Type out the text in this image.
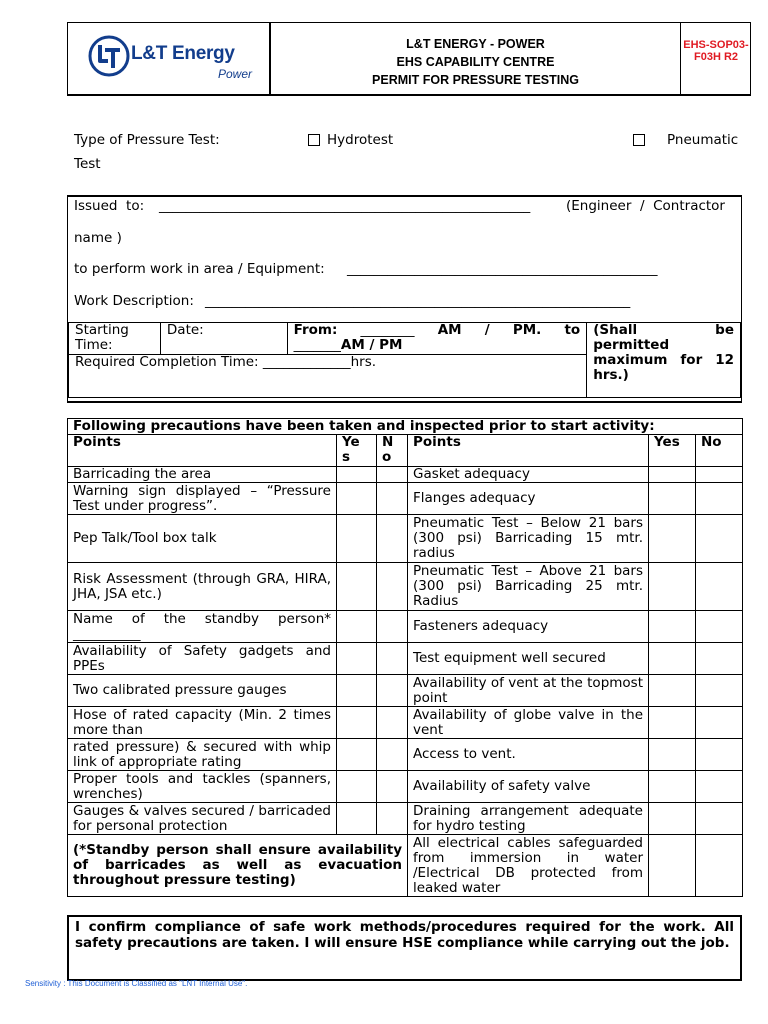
L&T Energy
Power
L&T ENERGY - POWER
EHS CAPABILITY CENTRE
PERMIT FOR PRESSURE TESTING
EHS-SOP03-F03H R2
Type of Pressure Test:	Hydrotest	Pneumatic
Test
Issued  to: _______________________________________________________	(Engineer  /  Contractor
name )
to perform work in area / Equipment: ______________________________________________
Work Description: _______________________________________________________________
Starting
Time:	Date:	From: ________ AM / PM. to
_______AM / PM
	(Shall be permitted maximum for 12 hrs.)
Required Completion Time: _____________hrs.
Following precautions have been taken and inspected prior to start activity:					
Points	Ye s	N o	Points	Yes	No
Barricading the area			Gasket adequacy		
Warning sign displayed – “Pressure Test under progress”.			Flanges adequacy		
Pep Talk/Tool box talk			Pneumatic Test – Below 21 bars (300 psi) Barricading 15 mtr. radius		
Risk Assessment (through GRA, HIRA, JHA, JSA etc.)			Pneumatic Test – Above 21 bars (300 psi) Barricading 25 mtr. Radius		
Name of the standby person* __________			Fasteners adequacy		
Availability of Safety gadgets and PPEs			Test equipment well secured		
Two calibrated pressure gauges			Availability of vent at the topmost point		
Hose of rated capacity (Min. 2 times more than			Availability of globe valve in the vent		
rated pressure) & secured with whip link of appropriate rating			Access to vent.		
Proper tools and tackles (spanners, wrenches)			Availability of safety valve		
Gauges & valves secured / barricaded for personal protection			Draining arrangement adequate for hydro testing		
(*Standby person shall ensure availability of barricades as well as evacuation throughout pressure testing)			All electrical cables safeguarded from immersion in water /Electrical DB protected from leaked water		
I confirm compliance of safe work methods/procedures required for the work. All safety precautions are taken. I will ensure HSE compliance while carrying out the job.
Sensitivity : This Document is Classified as "LNT Internal Use".
